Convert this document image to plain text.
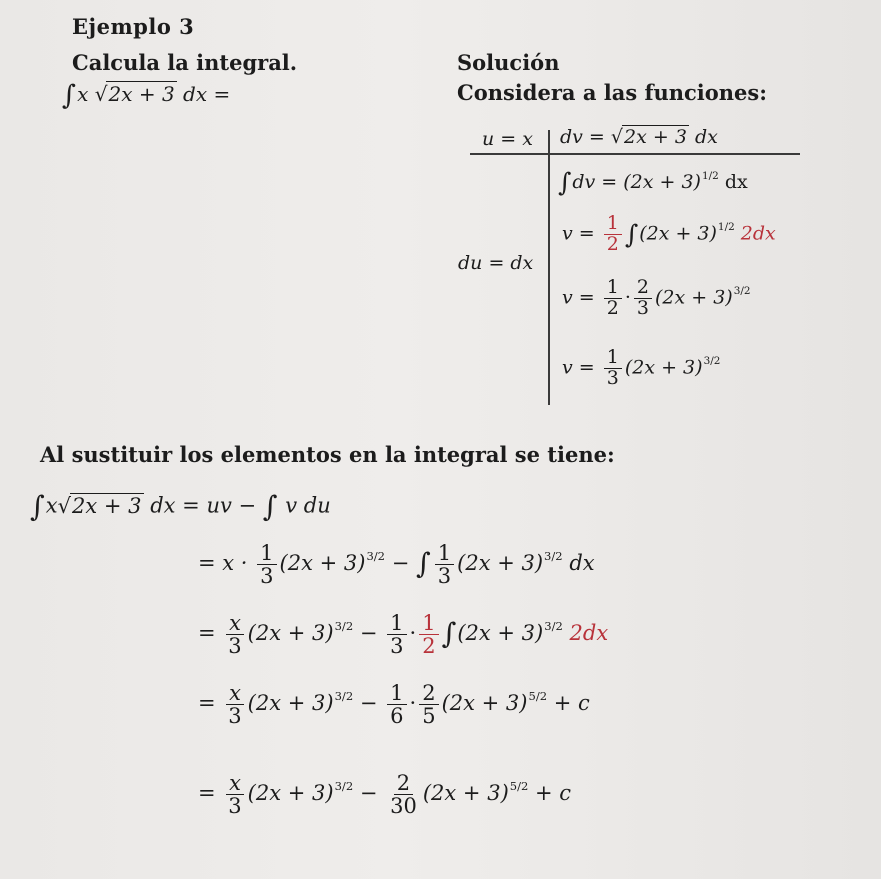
Ejemplo 3
Calcula la integral.	Solución
Considera a las funciones:
∫x √2x + 3 dx =
u = x dv = √2x + 3 dx
du = dx
$\int dv = (2x + 3)^{1/2}$ dx
$v = \frac{1}{2} \int(2x + 3)^{1/2}$ 2dx
$v = \frac{1}{2} \cdot \frac{2}{3} (2x + 3)^{3/2}$
$v = \frac{1}{3} (2x + 3)^{3/2}$
Al sustituir los elementos en la integral se tiene:
∫x√2x + 3 dx = uv − ∫ v du
= $x \cdot \frac{1}{3} (2x + 3)^{3/2}$ − ∫ $\frac{1}{3} (2x + 3)^{3/2}$ dx
= $\frac{x}{3} (2x + 3)^{3/2} - \frac{1}{3} \cdot \frac{1}{2} \int(2x + 3)^{3/2}$ 2dx
= $\frac{x}{3} (2x + 3)^{3/2} - \frac{1}{6} \cdot \frac{2}{5} (2x + 3)^{5/2} + c$
= $\frac{x}{3} (2x + 3)^{3/2} - \frac{2}{30} (2x + 3)^{5/2} + c$
